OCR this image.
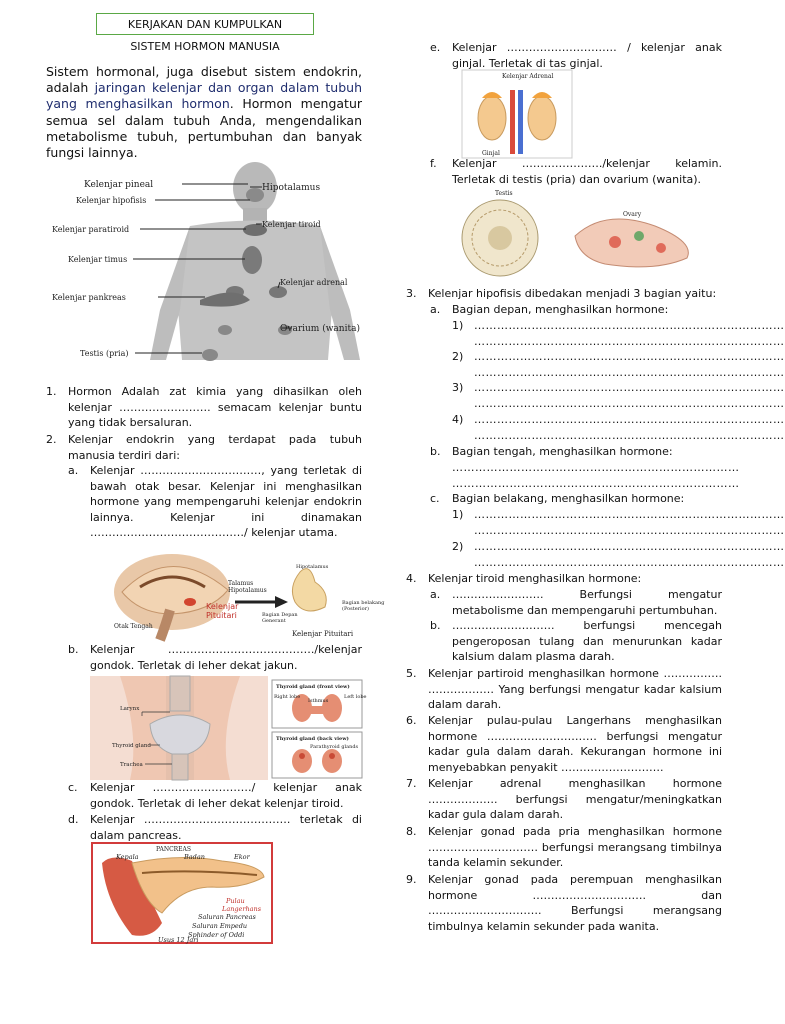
KERJAKAN DAN KUMPULKAN
SISTEM HORMON MANUSIA
Sistem hormonal, juga disebut sistem endokrin, adalah jaringan kelenjar dan organ dalam tubuh yang menghasilkan hormon. Hormon mengatur semua sel dalam tubuh Anda, mengendalikan metabolisme tubuh, pertumbuhan dan banyak fungsi lainnya.
Kelenjar pineal
Kelenjar hipofisis
Kelenjar paratiroid
Kelenjar timus
Kelenjar pankreas
Testis (pria)
Hipotalamus
Kelenjar tiroid
Kelenjar adrenal
Ovarium (wanita)
1. Hormon Adalah zat kimia yang dihasilkan oleh kelenjar ……………………. semacam kelenjar buntu yang tidak bersaluran.
2. Kelenjar endokrin yang terdapat pada tubuh manusia terdiri dari:
a. Kelenjar ……………………………, yang terletak di bawah otak besar. Kelenjar ini menghasilkan hormone yang mempengaruhi kelenjar endokrin lainnya. Kelenjar ini dinamakan ……………………………………/ kelenjar utama.
Talamus
Hipotalamus
Kelenjar
Pituitari
Otak Tengah
Hipotalamus
Bagian Depan
Generant
Bagian belakang
(Posterior)
Kelenjar Pituitari
b. Kelenjar …………………………………./kelenjar gondok. Terletak di leher dekat jakun.
Larynx
Thyroid gland
Trachea
Thyroid gland (front view)
Right lobe
Isthmus
Left lobe
Thyroid gland (back view)
Parathyroid glands
c. Kelenjar ………………………/ kelenjar anak gondok. Terletak di leher dekat kelenjar tiroid.
d. Kelenjar …………………………………. terletak di dalam pancreas.
PANCREAS
Kepala	Badan	Ekor
Pulau
Langerhans
Saluran Pancreas
Saluran Empedu
Sphinder of Oddi
Usus 12 Jari
e. Kelenjar ………………………… / kelenjar anak ginjal. Terletak di tas ginjal.
Kelenjar Adrenal
Ginjal
f. Kelenjar …………………./kelenjar kelamin. Terletak di testis (pria) dan ovarium (wanita).
Testis
Ovary
3. Kelenjar hipofisis dibedakan menjadi 3 bagian yaitu:
a. Bagian depan, menghasilkan hormone:
1) ………………………………………………………………………
………………………………………………………………………
2) ………………………………………………………………………
………………………………………………………………………
3) ………………………………………………………………………
………………………………………………………………………
4) ………………………………………………………………………
………………………………………………………………………
b. Bagian tengah, menghasilkan hormone:
…………………………………………………………………
…………………………………………………………………
c. Bagian belakang, menghasilkan hormone:
1) ………………………………………………………………………
………………………………………………………………………
2) ………………………………………………………………………
………………………………………………………………………
4. Kelenjar tiroid menghasilkan hormone:
a. ……………………. Berfungsi mengatur metabolisme dan mempengaruhi pertumbuhan.
b. ………………………. berfungsi mencegah pengeroposan tulang dan menurunkan kadar kalsium dalam plasma darah.
5. Kelenjar partiroid menghasilkan hormone ……………. ……………… Yang berfungsi mengatur kadar kalsium dalam darah.
6. Kelenjar pulau-pulau Langerhans menghasilkan hormone ………………………… berfungsi mengatur kadar gula dalam darah. Kekurangan hormone ini menyebabkan penyakit ……………………….
7. Kelenjar adrenal menghasilkan hormone ………………. berfungsi mengatur/meningkatkan kadar gula dalam darah.
8. Kelenjar gonad pada pria menghasilkan hormone ………………………… berfungsi merangsang timbilnya tanda kelamin sekunder.
9. Kelenjar gonad pada perempuan menghasilkan hormone …………………………. dan …………………………. Berfungsi merangsang timbulnya kelamin sekunder pada wanita.
